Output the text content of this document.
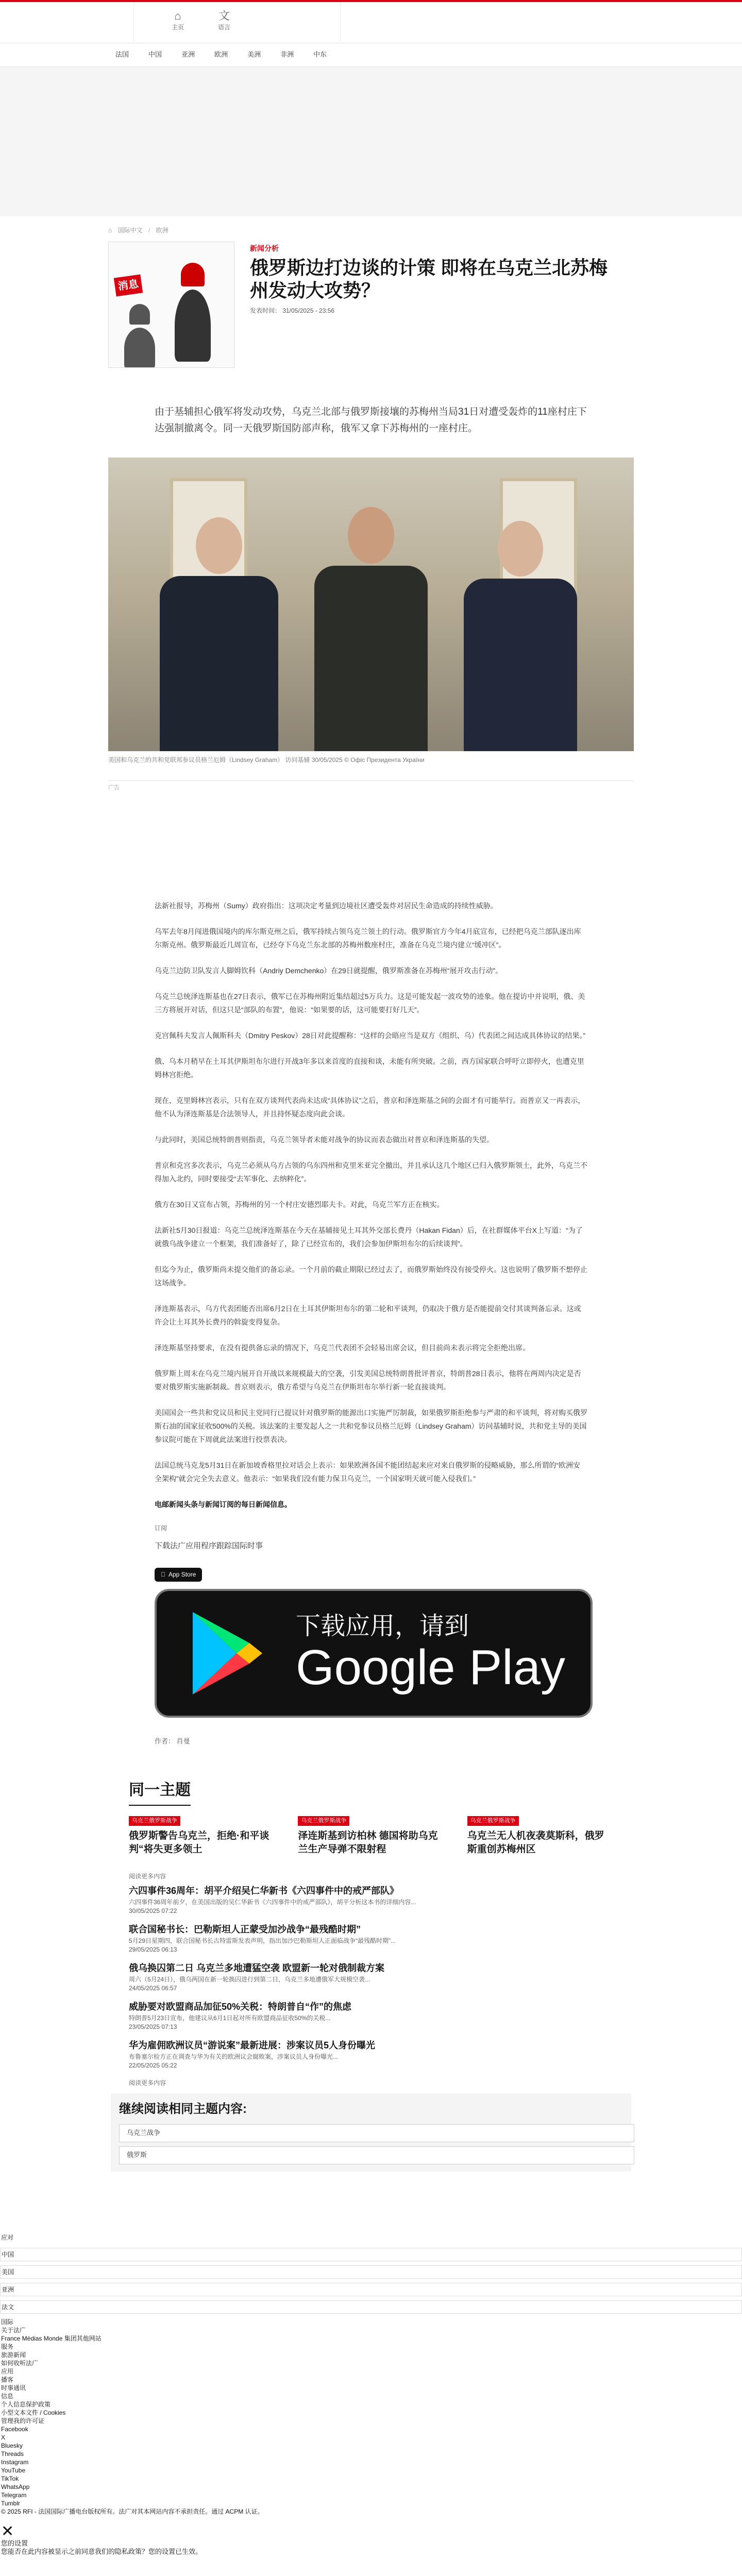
⌂
主页
文
语言
法国	中国	亚洲	欧洲	美洲	非洲	中东
⌂ 国际中文 / 欧洲
消息
新闻分析
俄罗斯边打边谈的计策 即将在乌克兰北苏梅州发动大攻势？
发表时间： 31/05/2025 - 23:56

由于基辅担心俄军将发动攻势，乌克兰北部与俄罗斯接壤的苏梅州当局31日对遭受轰炸的11座村庄下达强制撤离令。同一天俄罗斯国防部声称，俄军又拿下苏梅州的一座村庄。

美国和乌克兰的共和党联邦参议员格兰厄姆（Lindsey Graham） 访问基辅 30/05/2025 © Офіс Президента України
广告

法新社报导，苏梅州（Sumy）政府指出：这项决定考量到边境社区遭受轰炸对居民生命造成的持续性威胁。

乌军去年8月闯进俄国境内的库尔斯克州之后，俄军持续占领乌克兰领土的行动。俄罗斯官方今年4月底宣布，已经把乌克兰部队逐出库尔斯克州。俄罗斯最近几周宣布，已经夺下乌克兰东北部的苏梅州数座村庄，准备在乌克兰境内建立“缓冲区”。

乌克兰边防卫队发言人脚姆钦科（Andriy Demchenko）在29日就提醒，俄罗斯准备在苏梅州“展开攻击行动”。

乌克兰总统泽连斯基也在27日表示，俄军已在苏梅州附近集结超过5万兵力。这是可能发起一波攻势的迹象。他在提访中并说明，俄、美三方将展开对话，但这只是“部队的布置”，他说：“如果要的话，这可能要打好几天”。

克宫佩科夫发言人佩斯科夫（Dmitry Peskov）28日对此提醒称：“这样的会晤应当是双方《组织、乌）代表团之间达成具体协议的结果。”

俄、乌本月稍早在土耳其伊斯坦布尔进行开战3年多以来首度的直接和谈，未能有所突破。之前，西方国家联合呼吁立即停火，也遭克里姆林宫拒绝。

现在，克里姆林宫表示，只有在双方谈判代表尚未达成“具体协议”之后，普京和泽连斯基之间的会面才有可能举行。而普京又一再表示，他不认为泽连斯基是合法领导人，并且持怀疑态度向此会谈。

与此同时，美国总统特朗普则指责，乌克兰领导者未能对战争的协议而表态做出对普京和泽连斯基的失望。

普京和克宫多次表示，乌克兰必须从乌方占领的乌东四州和克里米亚完全撤出，并且承认这几个地区已归入俄罗斯领土，此外，乌克兰不得加入北约，同时要接受“去军事化、去纳粹化”。

俄方在30日又宣布占领，苏梅州的另一个村庄安德烈耶夫卡。对此，乌克兰军方正在核实。

法新社5月30日报道：乌克兰总统泽连斯基在今天在基辅接见土耳其外交部长费丹（Hakan Fidan）后，在社群媒体平台X上写道：“为了就俄乌战争建立一个框架，我们准备好了，除了已经宣布的，我们会参加伊斯坦布尔的后续谈判”。

但迄今为止，俄罗斯尚未提交他们的备忘录。一个月前的截止期限已经过去了，而俄罗斯始终没有接受停火。这也说明了俄罗斯不想停止这场战争。

泽连斯基表示，乌方代表团能否出席6月2日在土耳其伊斯坦布尔的第二轮和平谈判，仍取决于俄方是否能提前交付其谈判备忘录。这或许会让土耳其外长费丹的斡旋变得复杂。

泽连斯基坚持要求，在没有提供备忘录的情况下，乌克兰代表团不会轻易出席会议，但目前尚未表示将完全拒绝出席。

俄罗斯上周末在乌克兰境内展开自开战以来规模最大的空袭，引发美国总统特朗普批评普京，特朗普28日表示，他将在两周内决定是否要对俄罗斯实施新制裁。普京则表示，俄方希望与乌克兰在伊斯坦布尔举行新一轮直接谈判。

美国国会一些共和党议员和民主党同行已提议针对俄罗斯的能源出口实施严厉制裁，如果俄罗斯拒绝参与严肃的和平谈判，将对购买俄罗斯石油的国家征收500%的关税。该法案的主要发起人之一共和党参议员格兰厄姆（Lindsey Graham）访问基辅时说，共和党主导的美国参议院可能在下周就此法案进行投票表决。

法国总统马克龙5月31日在新加坡香格里拉对话会上表示：如果欧洲各国不能团结起来应对来自俄罗斯的侵略威胁，那么所谓的“欧洲安全架构”就会完全失去意义。他表示：“如果我们没有能力保卫乌克兰，一个国家明天就可能入侵我们。”

电邮新闻头条与新闻订阅的每日新闻信息。

订阅
下载法广应用程序跟踪国际时事
App Store
下载应用，请到
Google Play
作者： 肖曼
同一主题
乌克兰俄罗斯战争
俄罗斯警告乌克兰，拒绝·和平谈判“将失更多领土
乌克兰俄罗斯战争
泽连斯基到访柏林 德国将助乌克兰生产导弹不限射程
乌克兰俄罗斯战争
乌克兰无人机夜袭莫斯科，俄罗斯重创苏梅州区
阅读更多内容
六四事件36周年：胡平介绍吴仁华新书《六四事件中的戒严部队》
六四事件36周年前夕，在美国出版的吴仁华新书《六四事件中的戒严部队》，胡平分析这本书的详细内容...
30/05/2025 07:22
联合国秘书长：巴勒斯坦人正蒙受加沙战争“最残酷时期”
5月29日星期四，联合国秘书长古特雷斯发表声明，指出加沙巴勒斯坦人正面临战争“最残酷时期”...
29/05/2025 06:13
俄乌换囚第二日 乌克兰多地遭猛空袭 欧盟新一轮对俄制裁方案
周六（5月24日），俄乌两国在新一轮换囚进行到第二日，乌克兰多地遭俄军大规模空袭...
24/05/2025 06:57
威胁要对欧盟商品加征50%关税：特朗普自“作”的焦虑
特朗普5月23日宣布，他建议从6月1日起对所有欧盟商品征收50%的关税...
23/05/2025 07:13
华为雇佣欧洲议员“游说案”最新进展：涉案议员5人身份曝光
布鲁塞尔检方正在调查与华为有关的欧洲议会腐败案，涉案议员人身份曝光...
22/05/2025 05:22
阅读更多内容
继续阅读相同主题内容:
乌克兰战争
俄罗斯
应对
中国
美国
亚洲
法文
国际
关于法广
France Médias Monde 集团其他网站
服务
旅游新闻
如何收听法广
应用
播客
时事通讯
信息
个人信息保护政策
小型文本文件 / Cookies
管理我的许可证
Facebook
X
Bluesky
Threads
Instagram
YouTube
TikTok
WhatsApp
Telegram
Tumblr
© 2025 RFI - 法国国际广播电台版权所有。法广对其本网站内容不承担责任。通过 ACPM 认证。
✕
您的设置
您能否在此内容被显示之前同意我们的隐私政策？您的设置已生效。
